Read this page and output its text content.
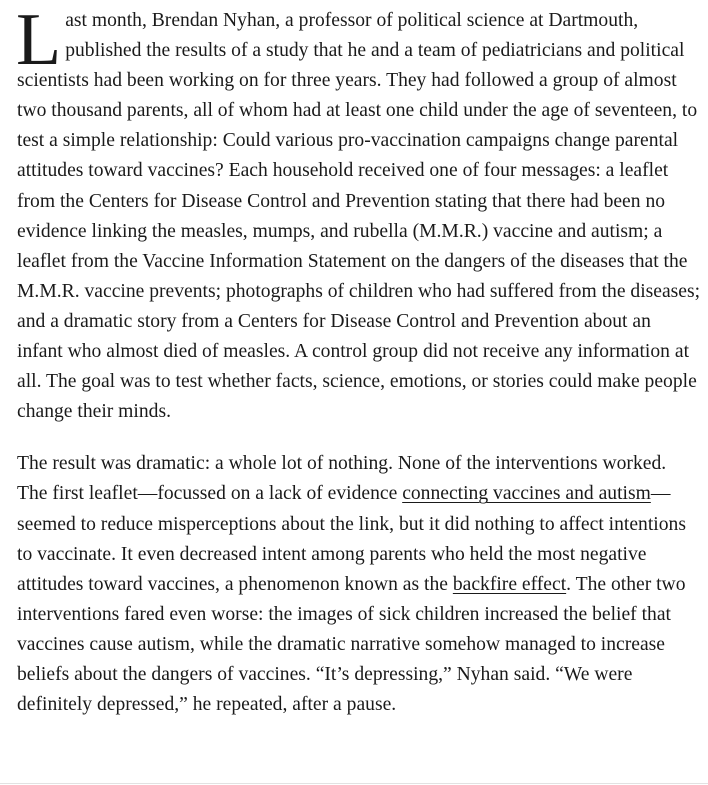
Last month, Brendan Nyhan, a professor of political science at Dartmouth, published the results of a study that he and a team of pediatricians and political scientists had been working on for three years. They had followed a group of almost two thousand parents, all of whom had at least one child under the age of seventeen, to test a simple relationship: Could various pro-vaccination campaigns change parental attitudes toward vaccines? Each household received one of four messages: a leaflet from the Centers for Disease Control and Prevention stating that there had been no evidence linking the measles, mumps, and rubella (M.M.R.) vaccine and autism; a leaflet from the Vaccine Information Statement on the dangers of the diseases that the M.M.R. vaccine prevents; photographs of children who had suffered from the diseases; and a dramatic story from a Centers for Disease Control and Prevention about an infant who almost died of measles. A control group did not receive any information at all. The goal was to test whether facts, science, emotions, or stories could make people change their minds.

The result was dramatic: a whole lot of nothing. None of the interventions worked. The first leaflet—focussed on a lack of evidence connecting vaccines and autism—seemed to reduce misperceptions about the link, but it did nothing to affect intentions to vaccinate. It even decreased intent among parents who held the most negative attitudes toward vaccines, a phenomenon known as the backfire effect. The other two interventions fared even worse: the images of sick children increased the belief that vaccines cause autism, while the dramatic narrative somehow managed to increase beliefs about the dangers of vaccines. “It’s depressing,” Nyhan said. “We were definitely depressed,” he repeated, after a pause.
